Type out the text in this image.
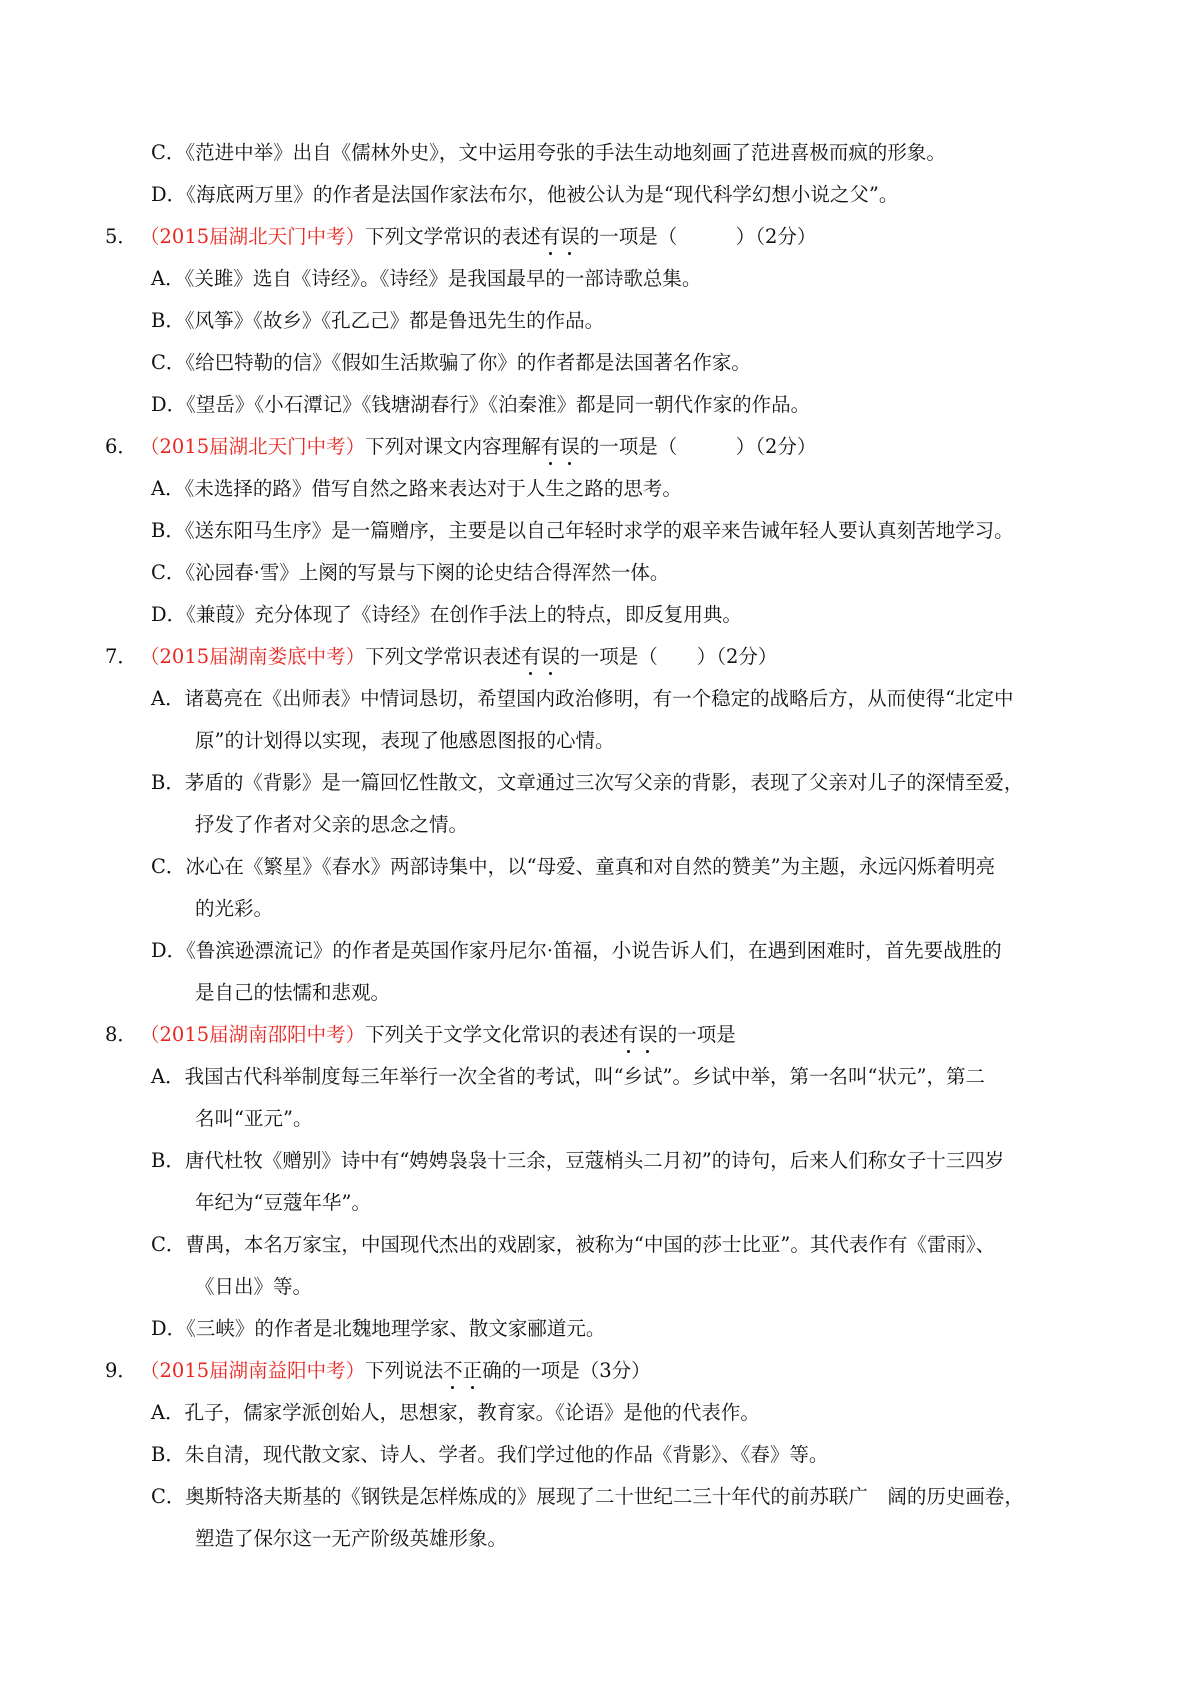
C．《范进中举》出自《儒林外史》，文中运用夸张的手法生动地刻画了范进喜极而疯的形象。
D．《海底两万里》的作者是法国作家法布尔，他被公认为是“现代科学幻想小说之父”。
5． （2015届湖北天门中考）下列文学常识的表述有误的一项是（　　　）（2分）
A．《关雎》选自《诗经》。《诗经》是我国最早的一部诗歌总集。
B．《风筝》《故乡》《孔乙己》都是鲁迅先生的作品。
C．《给巴特勒的信》《假如生活欺骗了你》的作者都是法国著名作家。
D．《望岳》《小石潭记》《钱塘湖春行》《泊秦淮》都是同一朝代作家的作品。
6． （2015届湖北天门中考）下列对课文内容理解有误的一项是（　　　）（2分）
A．《未选择的路》借写自然之路来表达对于人生之路的思考。
B．《送东阳马生序》是一篇赠序，主要是以自己年轻时求学的艰辛来告诫年轻人要认真刻苦地学习。
C．《沁园春·雪》上阕的写景与下阕的论史结合得浑然一体。
D．《兼葭》充分体现了《诗经》在创作手法上的特点，即反复用典。
7． （2015届湖南娄底中考）下列文学常识表述有误的一项是（　　）（2分）
A．诸葛亮在《出师表》中情词恳切，希望国内政治修明，有一个稳定的战略后方，从而使得“北定中
原”的计划得以实现，表现了他感恩图报的心情。
B．茅盾的《背影》是一篇回忆性散文，文章通过三次写父亲的背影，表现了父亲对儿子的深情至爱，
抒发了作者对父亲的思念之情。
C．冰心在《繁星》《春水》两部诗集中，以“母爱、童真和对自然的赞美”为主题，永远闪烁着明亮
的光彩。
D．《鲁滨逊漂流记》的作者是英国作家丹尼尔·笛福，小说告诉人们，在遇到困难时，首先要战胜的
是自己的怯懦和悲观。
8． （2015届湖南邵阳中考）下列关于文学文化常识的表述有误的一项是
A．我国古代科举制度每三年举行一次全省的考试，叫“乡试”。乡试中举，第一名叫“状元”，第二
名叫“亚元”。
B．唐代杜牧《赠别》诗中有“娉娉袅袅十三余，豆蔻梢头二月初”的诗句，后来人们称女子十三四岁
年纪为“豆蔻年华”。
C．曹禺，本名万家宝，中国现代杰出的戏剧家，被称为“中国的莎士比亚”。其代表作有《雷雨》、
《日出》等。
D．《三峡》的作者是北魏地理学家、散文家郦道元。
9． （2015届湖南益阳中考）下列说法不正确的一项是（3分）
A．孔子，儒家学派创始人，思想家，教育家。《论语》是他的代表作。
B．朱自清，现代散文家、诗人、学者。我们学过他的作品《背影》、《春》等。
C．奥斯特洛夫斯基的《钢铁是怎样炼成的》展现了二十世纪二三十年代的前苏联广　阔的历史画卷，
塑造了保尔这一无产阶级英雄形象。
